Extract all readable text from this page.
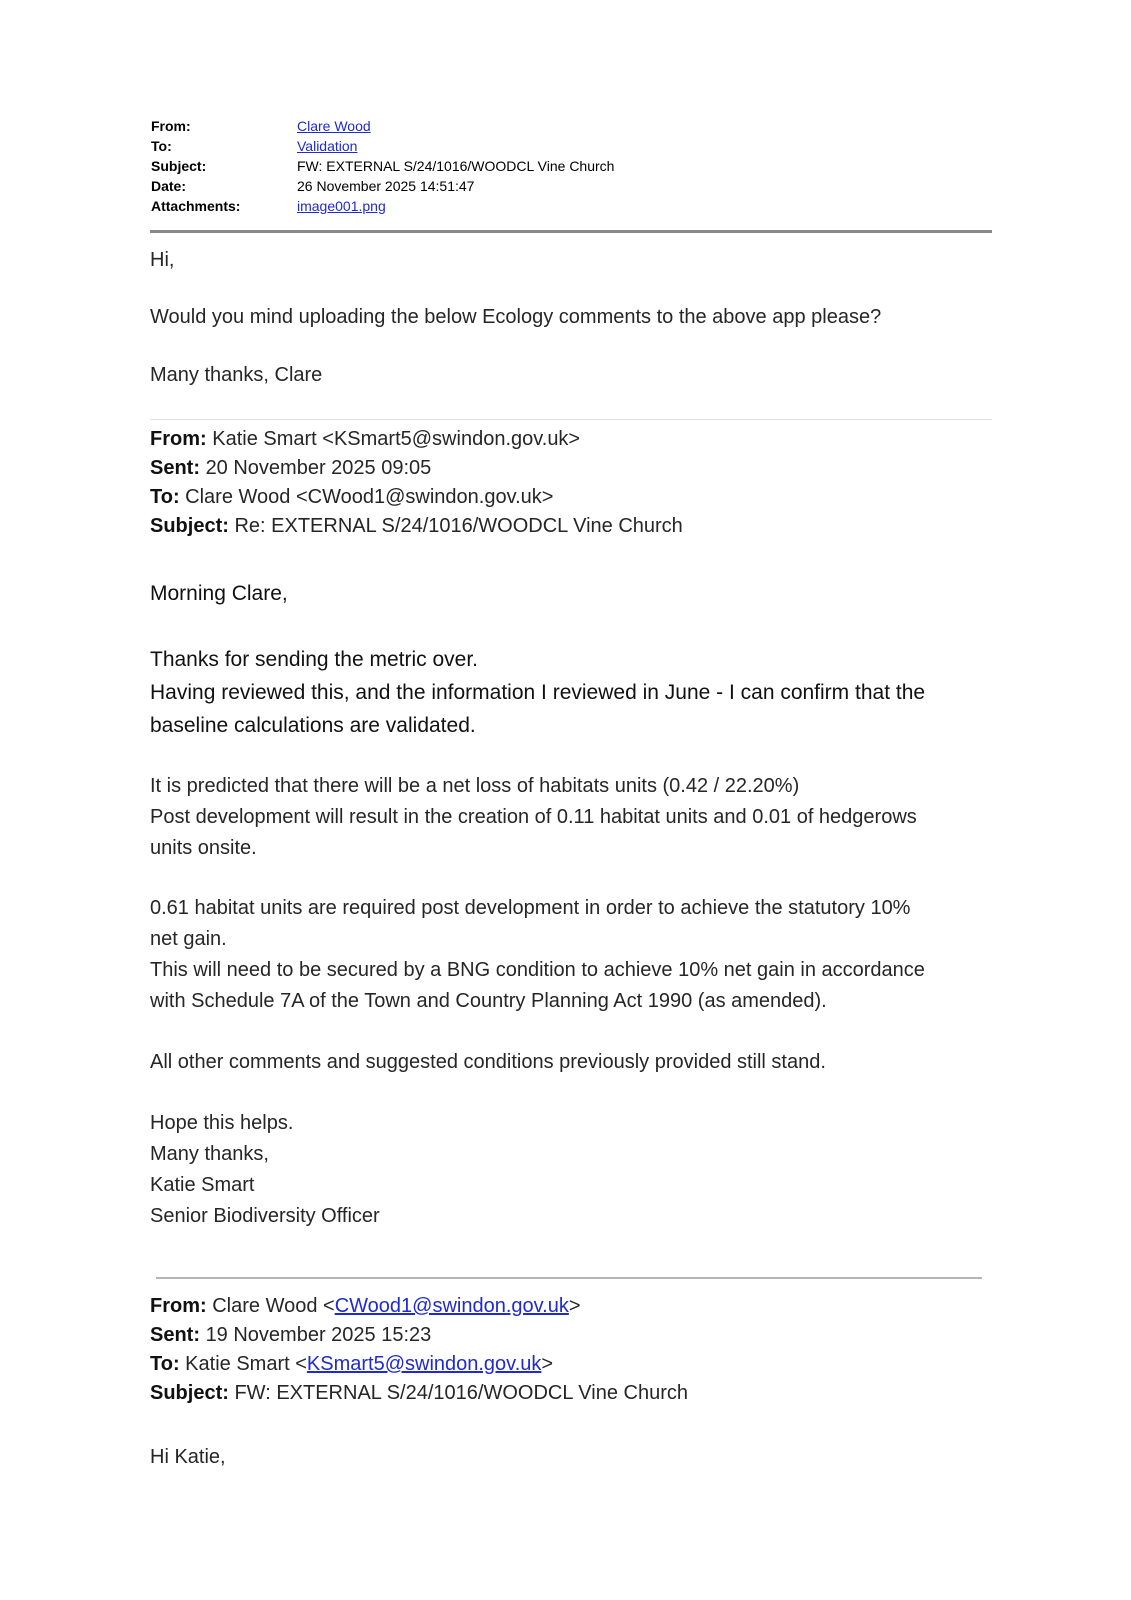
From:	Clare Wood
To:	Validation
Subject:	FW: EXTERNAL S/24/1016/WOODCL Vine Church
Date:	26 November 2025 14:51:47
Attachments:	image001.png
Hi,
Would you mind uploading the below Ecology comments to the above app please?
Many thanks, Clare
From: Katie Smart <KSmart5@swindon.gov.uk>
Sent: 20 November 2025 09:05
To: Clare Wood <CWood1@swindon.gov.uk>
Subject: Re: EXTERNAL S/24/1016/WOODCL Vine Church
Morning Clare,
Thanks for sending the metric over.
Having reviewed this, and the information I reviewed in June - I can confirm that the
baseline calculations are validated.
It is predicted that there will be a net loss of habitats units (0.42 / 22.20%)
Post development will result in the creation of 0.11 habitat units and 0.01 of hedgerows
units onsite.
0.61 habitat units are required post development in order to achieve the statutory 10%
net gain.
This will need to be secured by a BNG condition to achieve 10% net gain in accordance
with Schedule 7A of the Town and Country Planning Act 1990 (as amended).
All other comments and suggested conditions previously provided still stand.
Hope this helps.
Many thanks,
Katie Smart
Senior Biodiversity Officer
From: Clare Wood <CWood1@swindon.gov.uk>
Sent: 19 November 2025 15:23
To: Katie Smart <KSmart5@swindon.gov.uk>
Subject: FW: EXTERNAL S/24/1016/WOODCL Vine Church
Hi Katie,
